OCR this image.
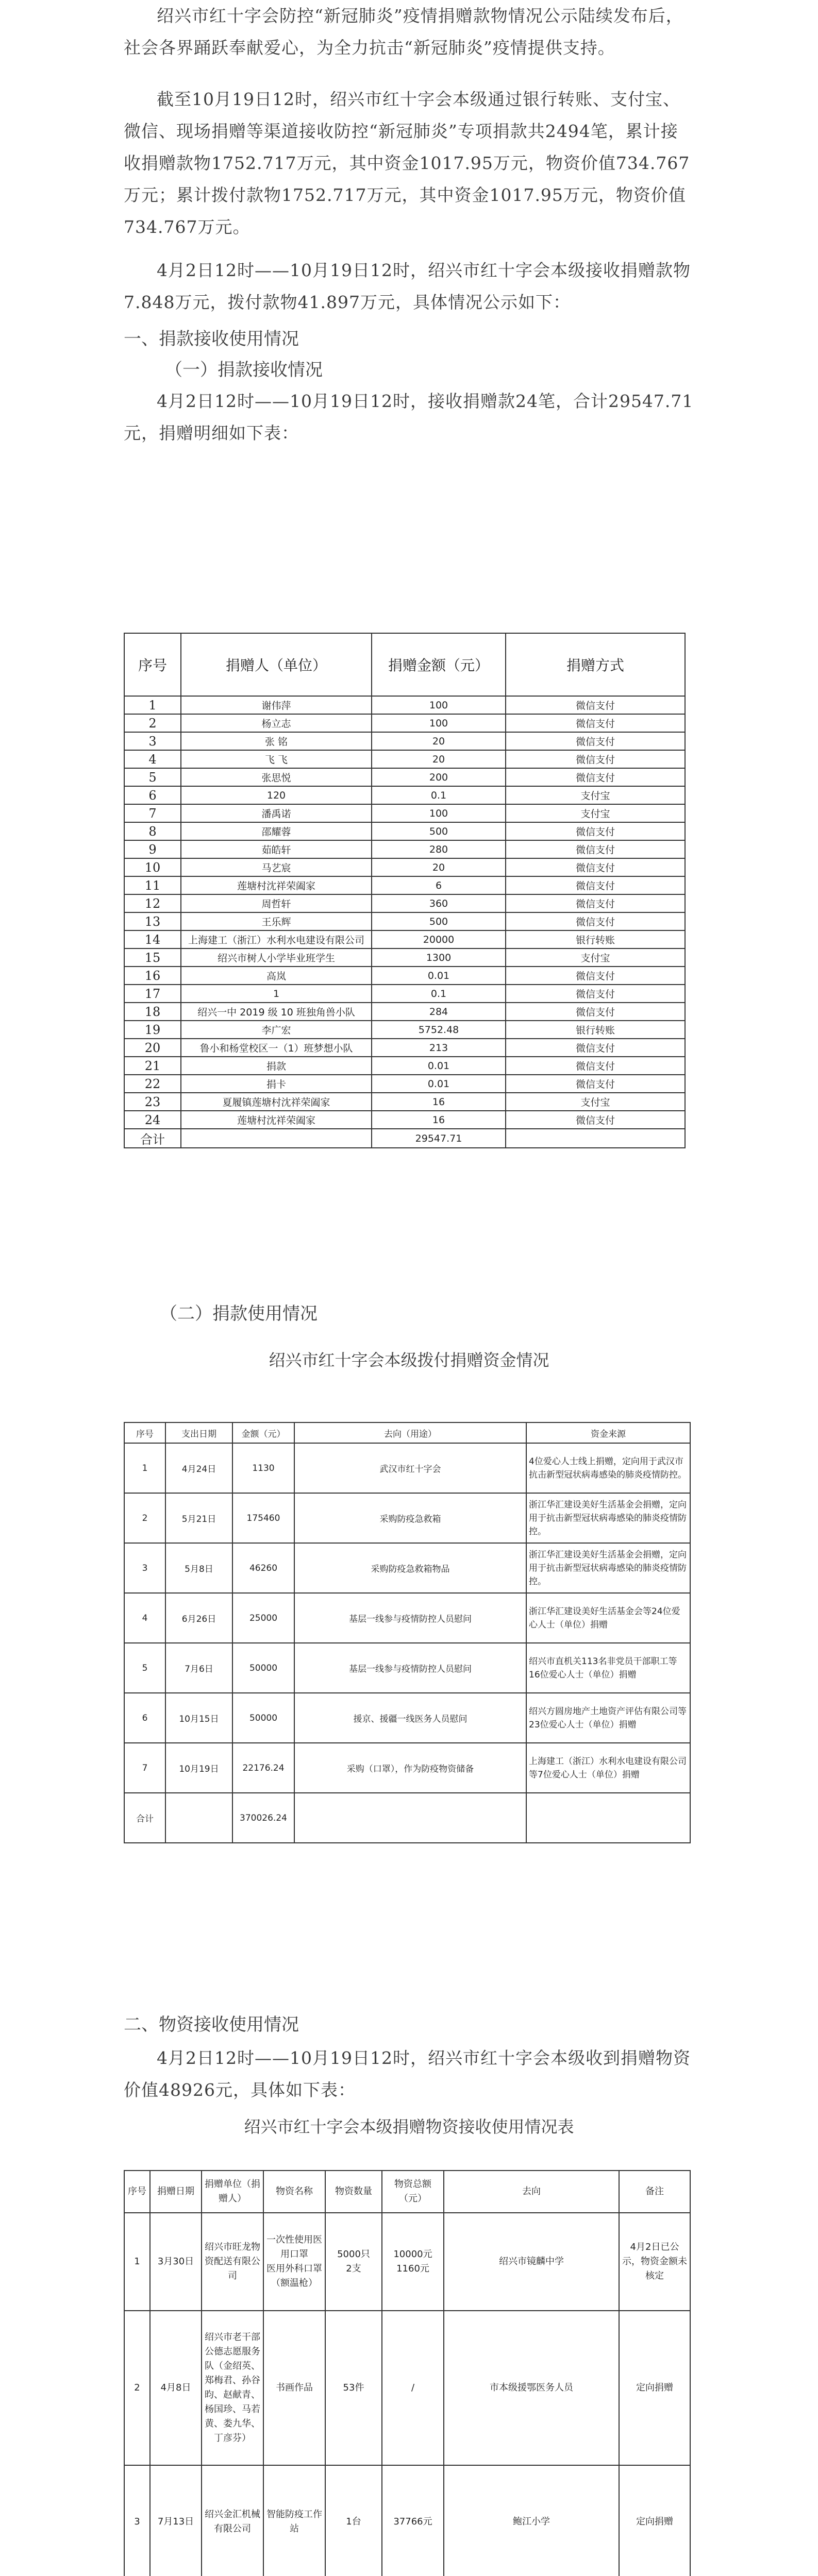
绍兴市红十字会防控“新冠肺炎”疫情捐赠款物情况公示陆续发布后，社会各界踊跃奉献爱心，为全力抗击“新冠肺炎”疫情提供支持。

截至10月19日12时，绍兴市红十字会本级通过银行转账、支付宝、微信、现场捐赠等渠道接收防控“新冠肺炎”专项捐款共2494笔，累计接收捐赠款物1752.717万元，其中资金1017.95万元，物资价值734.767万元；累计拨付款物1752.717万元，其中资金1017.95万元，物资价值734.767万元。

4月2日12时——10月19日12时，绍兴市红十字会本级接收捐赠款物7.848万元，拨付款物41.897万元，具体情况公示如下：

一、捐款接收使用情况

（一）捐款接收情况

4月2日12时——10月19日12时，接收捐赠款24笔，合计29547.71元，捐赠明细如下表：

序号	捐赠人（单位）	捐赠金额（元）	捐赠方式
1	谢伟萍	100	微信支付
2	杨立志	100	微信支付
3	张 铭	20	微信支付
4	飞 飞	20	微信支付
5	张思悦	200	微信支付
6	120	0.1	支付宝
7	潘禹诺	100	支付宝
8	邵耀蓉	500	微信支付
9	茹皓轩	280	微信支付
10	马艺宸	20	微信支付
11	莲塘村沈祥荣阖家	6	微信支付
12	周哲轩	360	微信支付
13	王乐辉	500	微信支付
14	上海建工（浙江）水利水电建设有限公司	20000	银行转账
15	绍兴市树人小学毕业班学生	1300	支付宝
16	高岚	0.01	微信支付
17	1	0.1	微信支付
18	绍兴一中 2019 级 10 班独角兽小队	284	微信支付
19	李广宏	5752.48	银行转账
20	鲁小和杨堂校区一（1）班梦想小队	213	微信支付
21	捐款	0.01	微信支付
22	捐卡	0.01	微信支付
23	夏履镇莲塘村沈祥荣阖家	16	支付宝
24	莲塘村沈祥荣阖家	16	微信支付
合计		29547.71	

（二）捐款使用情况

绍兴市红十字会本级拨付捐赠资金情况

序号	支出日期	金额（元）	去向（用途）	资金来源
1	4月24日	1130	武汉市红十字会	4位爱心人士线上捐赠，定向用于武汉市抗击新型冠状病毒感染的肺炎疫情防控。
2	5月21日	175460	采购防疫急救箱	浙江华汇建设美好生活基金会捐赠，定向用于抗击新型冠状病毒感染的肺炎疫情防控。
3	5月8日	46260	采购防疫急救箱物品	浙江华汇建设美好生活基金会捐赠，定向用于抗击新型冠状病毒感染的肺炎疫情防控。
4	6月26日	25000	基层一线参与疫情防控人员慰问	浙江华汇建设美好生活基金会等24位爱心人士（单位）捐赠
5	7月6日	50000	基层一线参与疫情防控人员慰问	绍兴市直机关113名非党员干部职工等16位爱心人士（单位）捐赠
6	10月15日	50000	援京、援疆一线医务人员慰问	绍兴方圆房地产土地资产评估有限公司等23位爱心人士（单位）捐赠
7	10月19日	22176.24	采购（口罩），作为防疫物资储备	上海建工（浙江）水利水电建设有限公司等7位爱心人士（单位）捐赠
合计		370026.24		

二、物资接收使用情况

4月2日12时——10月19日12时，绍兴市红十字会本级收到捐赠物资价值48926元，具体如下表：

绍兴市红十字会本级捐赠物资接收使用情况表

序号	捐赠日期	捐赠单位（捐赠人）	物资名称	物资数量	物资总额（元）	去向	备注
1	3月30日	绍兴市旺龙物资配送有限公司	一次性使用医用口罩
医用外科口罩（额温枪）	5000只
2支	10000元
1160元	绍兴市镜麟中学	4月2日已公示，物资金额未核定
2	4月8日	绍兴市老干部公德志愿服务队（金绍英、郑梅君、孙谷昀、赵献青、杨国珍、马若黄、娄九华、丁彦芬）	书画作品	53件	/	市本级援鄂医务人员	定向捐赠
3	7月13日	绍兴金汇机械有限公司	智能防疫工作站	1台	37766元	鲍江小学	定向捐赠
